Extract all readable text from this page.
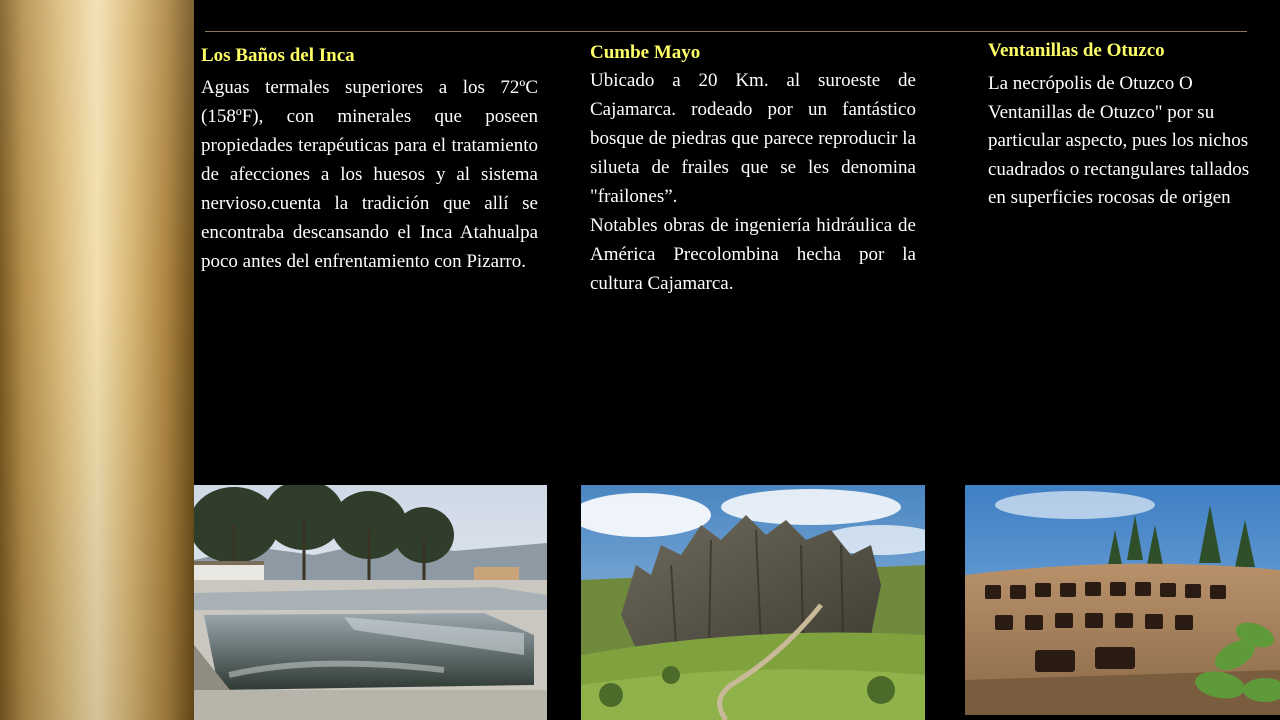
Los Baños del Inca

Aguas termales superiores a los 72ºC (158ºF), con minerales que poseen propiedades terapéuticas para el tratamiento de afecciones a los huesos y al sistema nervioso.cuenta la tradición que allí se encontraba descansando el Inca Atahualpa poco antes del enfrentamiento con Pizarro.

Cumbe Mayo

Ubicado a 20 Km. al suroeste de Cajamarca. rodeado por un fantástico bosque de piedras que parece reproducir la silueta de frailes que se les denomina "frailones”.

Notables obras de ingeniería hidráulica de América Precolombina hecha por la cultura Cajamarca.

Ventanillas de Otuzco

La necrópolis de Otuzco O Ventanillas de Otuzco" por su particular aspecto, pues los nichos cuadrados o rectangulares tallados en superficies rocosas de origen
